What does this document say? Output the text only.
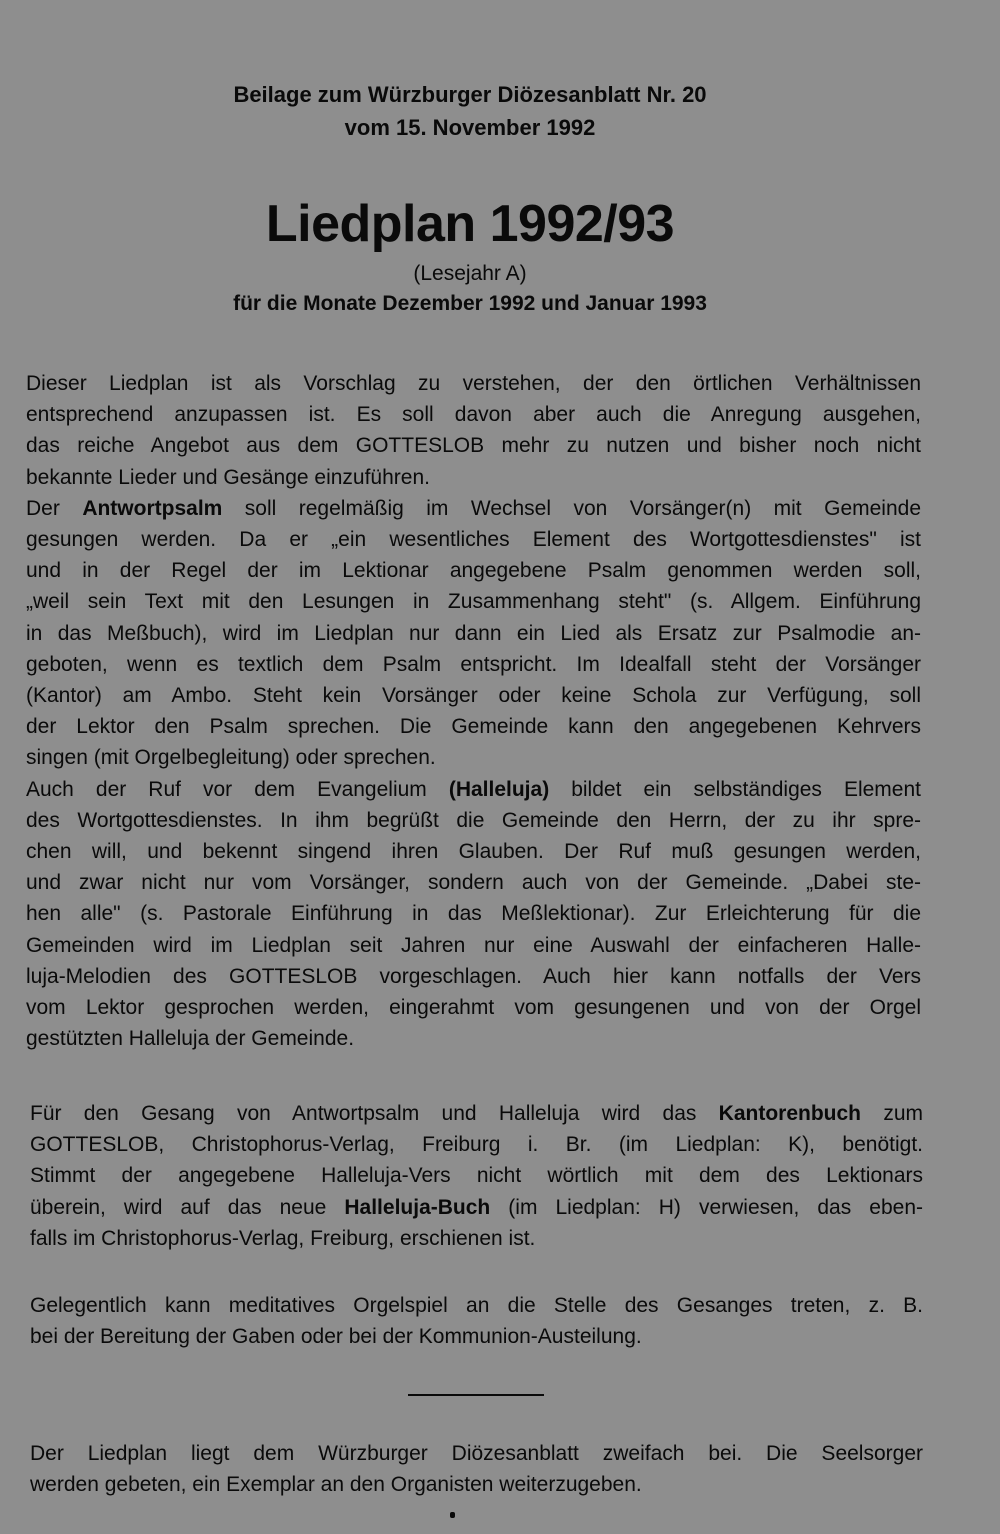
Beilage zum Würzburger Diözesanblatt Nr. 20
vom 15. November 1992
Liedplan 1992/93
(Lesejahr A)
für die Monate Dezember 1992 und Januar 1993
Dieser Liedplan ist als Vorschlag zu verstehen, der den örtlichen Verhältnissen
entsprechend anzupassen ist. Es soll davon aber auch die Anregung ausgehen,
das reiche Angebot aus dem GOTTESLOB mehr zu nutzen und bisher noch nicht
bekannte Lieder und Gesänge einzuführen.
Der Antwortpsalm soll regelmäßig im Wechsel von Vorsänger(n) mit Gemeinde
gesungen werden. Da er „ein wesentliches Element des Wortgottesdienstes" ist
und in der Regel der im Lektionar angegebene Psalm genommen werden soll,
„weil sein Text mit den Lesungen in Zusammenhang steht" (s. Allgem. Einführung
in das Meßbuch), wird im Liedplan nur dann ein Lied als Ersatz zur Psalmodie an-
geboten, wenn es textlich dem Psalm entspricht. Im Idealfall steht der Vorsänger
(Kantor) am Ambo. Steht kein Vorsänger oder keine Schola zur Verfügung, soll
der Lektor den Psalm sprechen. Die Gemeinde kann den angegebenen Kehrvers
singen (mit Orgelbegleitung) oder sprechen.
Auch der Ruf vor dem Evangelium (Halleluja) bildet ein selbständiges Element
des Wortgottesdienstes. In ihm begrüßt die Gemeinde den Herrn, der zu ihr spre-
chen will, und bekennt singend ihren Glauben. Der Ruf muß gesungen werden,
und zwar nicht nur vom Vorsänger, sondern auch von der Gemeinde. „Dabei ste-
hen alle" (s. Pastorale Einführung in das Meßlektionar). Zur Erleichterung für die
Gemeinden wird im Liedplan seit Jahren nur eine Auswahl der einfacheren Halle-
luja-Melodien des GOTTESLOB vorgeschlagen. Auch hier kann notfalls der Vers
vom Lektor gesprochen werden, eingerahmt vom gesungenen und von der Orgel
gestützten Halleluja der Gemeinde.
Für den Gesang von Antwortpsalm und Halleluja wird das Kantorenbuch zum
GOTTESLOB, Christophorus-Verlag, Freiburg i. Br. (im Liedplan: K), benötigt.
Stimmt der angegebene Halleluja-Vers nicht wörtlich mit dem des Lektionars
überein, wird auf das neue Halleluja-Buch (im Liedplan: H) verwiesen, das eben-
falls im Christophorus-Verlag, Freiburg, erschienen ist.
Gelegentlich kann meditatives Orgelspiel an die Stelle des Gesanges treten, z. B.
bei der Bereitung der Gaben oder bei der Kommunion-Austeilung.
Der Liedplan liegt dem Würzburger Diözesanblatt zweifach bei. Die Seelsorger
werden gebeten, ein Exemplar an den Organisten weiterzugeben.
